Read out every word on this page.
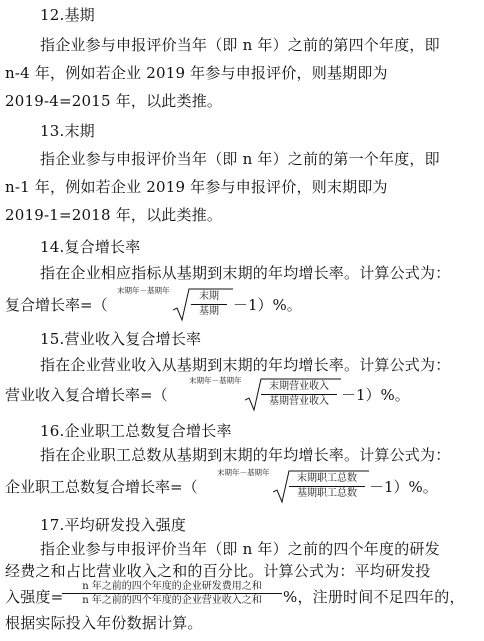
12.基期
指企业参与申报评价当年（即 n 年）之前的第四个年度，即
n-4 年，例如若企业 2019 年参与申报评价，则基期即为
2019-4=2015 年，以此类推。
13.末期
指企业参与申报评价当年（即 n 年）之前的第一个年度，即
n-1 年，例如若企业 2019 年参与申报评价，则末期即为
2019-1=2018 年，以此类推。
14.复合增长率
指在企业相应指标从基期到末期的年均增长率。计算公式为：
复合增长率=（
末期年－基期年
末期
基期 －1）%。
15.营业收入复合增长率
指在企业营业收入从基期到末期的年均增长率。计算公式为：
营业收入复合增长率=（
末期年－基期年
末期营业收入
基期营业收入 －1）%。
16.企业职工总数复合增长率
指在企业职工总数从基期到末期的年均增长率。计算公式为：
企业职工总数复合增长率=（
末期年－基期年
末期职工总数
基期职工总数 －1）%。
17.平均研发投入强度
指企业参与申报评价当年（即 n 年）之前的四个年度的研发
经费之和占比营业收入之和的百分比。计算公式为：平均研发投
入强度=
n 年之前的四个年度的企业研发费用之和
n 年之前的四个年度的企业营业收入之和	%，注册时间不足四年的，
根据实际投入年份数据计算。
